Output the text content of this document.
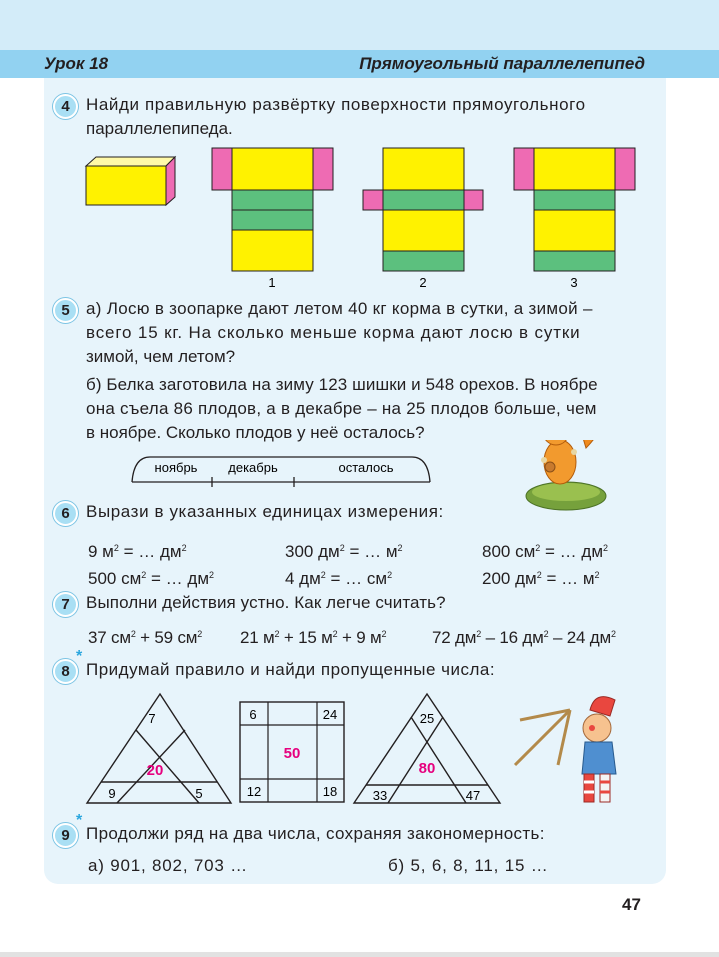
Урок 18	Прямоугольный параллелепипед
4 Найди правильную развёртку поверхности прямоугольного
параллелепипеда.
1	2	3
5 а) Лосю в зоопарке дают летом 40 кг корма в сутки, а зимой –
всего 15 кг. На сколько меньше корма дают лосю в сутки
зимой, чем летом?
б) Белка заготовила на зиму 123 шишки и 548 орехов. В ноябре
она съела 86 плодов, а в декабре – на 25 плодов больше, чем
в ноябре. Сколько плодов у неё осталось?
ноябрь декабрь	осталось
6 Вырази в указанных единицах измерения:
9 $м^2$ = … $дм^2$	300 $дм^2$ = … $м^2$	800 $см^2$ = … $дм^2$
500 $см^2$ = … $дм^2$	4 $дм^2$ = … $см^2$	200 $дм^2$ = … $м^2$
7 Выполни действия устно. Как легче считать?
37 $см^2 + 59$ $см^2$ 21 $м^2 + 15$ $м^2 + 9$ $м^2$	72 $дм^2 - 16$ $дм^2 - 24$ $дм^2$
8
*
Придумай правило и найди пропущенные числа:
7
20
9	5
6	24
50
12	18
25
80
33	47
9
*
Продолжи ряд на два числа, сохраняя закономерность:
а) 901, 802, 703 …	б) 5, 6, 8, 11, 15 …
47
